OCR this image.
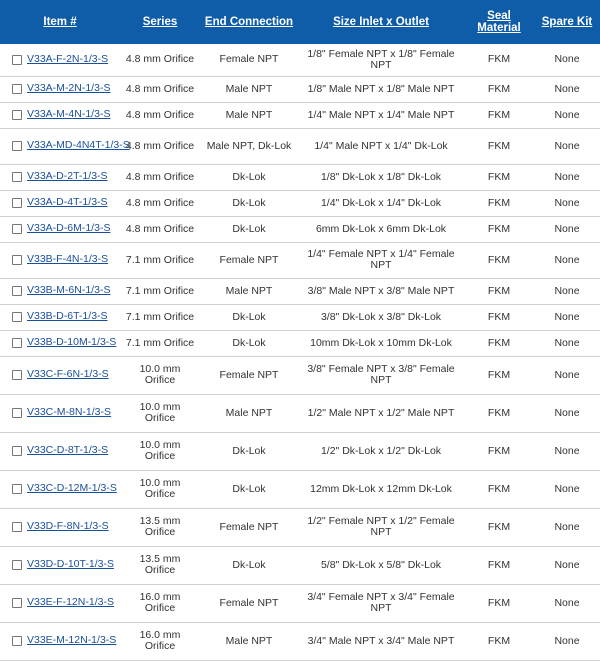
Item #	Series	End Connection	Size Inlet x Outlet	Seal Material	Spare Kit
V33A-F-2N-1/3-S	4.8 mm Orifice	Female NPT	1/8" Female NPT x 1/8" Female NPT	FKM	None
V33A-M-2N-1/3-S	4.8 mm Orifice	Male NPT	1/8" Male NPT x 1/8" Male NPT	FKM	None
V33A-M-4N-1/3-S	4.8 mm Orifice	Male NPT	1/4" Male NPT x 1/4" Male NPT	FKM	None
V33A-MD-4N4T-1/3-S	4.8 mm Orifice	Male NPT, Dk-Lok	1/4" Male NPT x 1/4" Dk-Lok	FKM	None
V33A-D-2T-1/3-S	4.8 mm Orifice	Dk-Lok	1/8" Dk-Lok x 1/8" Dk-Lok	FKM	None
V33A-D-4T-1/3-S	4.8 mm Orifice	Dk-Lok	1/4" Dk-Lok x 1/4" Dk-Lok	FKM	None
V33A-D-6M-1/3-S	4.8 mm Orifice	Dk-Lok	6mm Dk-Lok x 6mm Dk-Lok	FKM	None
V33B-F-4N-1/3-S	7.1 mm Orifice	Female NPT	1/4" Female NPT x 1/4" Female NPT	FKM	None
V33B-M-6N-1/3-S	7.1 mm Orifice	Male NPT	3/8" Male NPT x 3/8" Male NPT	FKM	None
V33B-D-6T-1/3-S	7.1 mm Orifice	Dk-Lok	3/8" Dk-Lok x 3/8" Dk-Lok	FKM	None
V33B-D-10M-1/3-S	7.1 mm Orifice	Dk-Lok	10mm Dk-Lok x 10mm Dk-Lok	FKM	None
V33C-F-6N-1/3-S	10.0 mm Orifice	Female NPT	3/8" Female NPT x 3/8" Female NPT	FKM	None
V33C-M-8N-1/3-S	10.0 mm Orifice	Male NPT	1/2" Male NPT x 1/2" Male NPT	FKM	None
V33C-D-8T-1/3-S	10.0 mm Orifice	Dk-Lok	1/2" Dk-Lok x 1/2" Dk-Lok	FKM	None
V33C-D-12M-1/3-S	10.0 mm Orifice	Dk-Lok	12mm Dk-Lok x 12mm Dk-Lok	FKM	None
V33D-F-8N-1/3-S	13.5 mm Orifice	Female NPT	1/2" Female NPT x 1/2" Female NPT	FKM	None
V33D-D-10T-1/3-S	13.5 mm Orifice	Dk-Lok	5/8" Dk-Lok x 5/8" Dk-Lok	FKM	None
V33E-F-12N-1/3-S	16.0 mm Orifice	Female NPT	3/4" Female NPT x 3/4" Female NPT	FKM	None
V33E-M-12N-1/3-S	16.0 mm Orifice	Male NPT	3/4" Male NPT x 3/4" Male NPT	FKM	None
